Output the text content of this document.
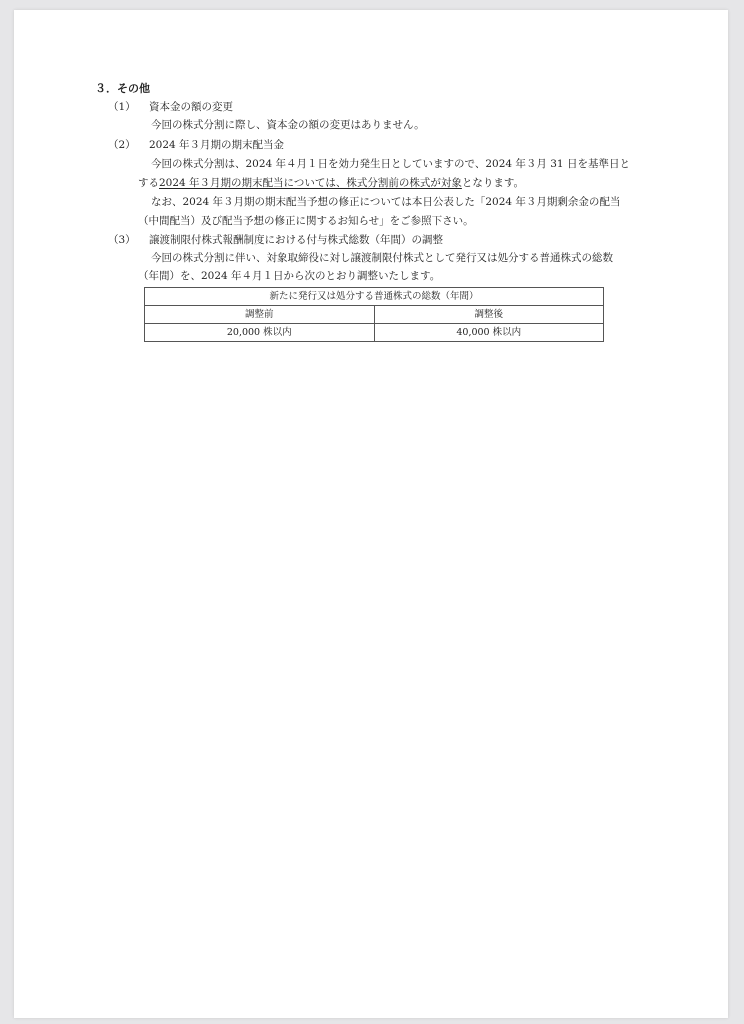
３．その他
（1） 資本金の額の変更
今回の株式分割に際し、資本金の額の変更はありません。
（2） 2024 年３月期の期末配当金
今回の株式分割は、2024 年４月１日を効力発生日としていますので、2024 年３月 31 日を基準日と
する2024 年３月期の期末配当については、株式分割前の株式が対象となります。
なお、2024 年３月期の期末配当予想の修正については本日公表した「2024 年３月期剰余金の配当
（中間配当）及び配当予想の修正に関するお知らせ」をご参照下さい。
（3） 譲渡制限付株式報酬制度における付与株式総数（年間）の調整
今回の株式分割に伴い、対象取締役に対し譲渡制限付株式として発行又は処分する普通株式の総数
（年間）を、2024 年４月１日から次のとおり調整いたします。
新たに発行又は処分する普通株式の総数（年間）	
調整前	調整後
20,000 株以内	40,000 株以内
